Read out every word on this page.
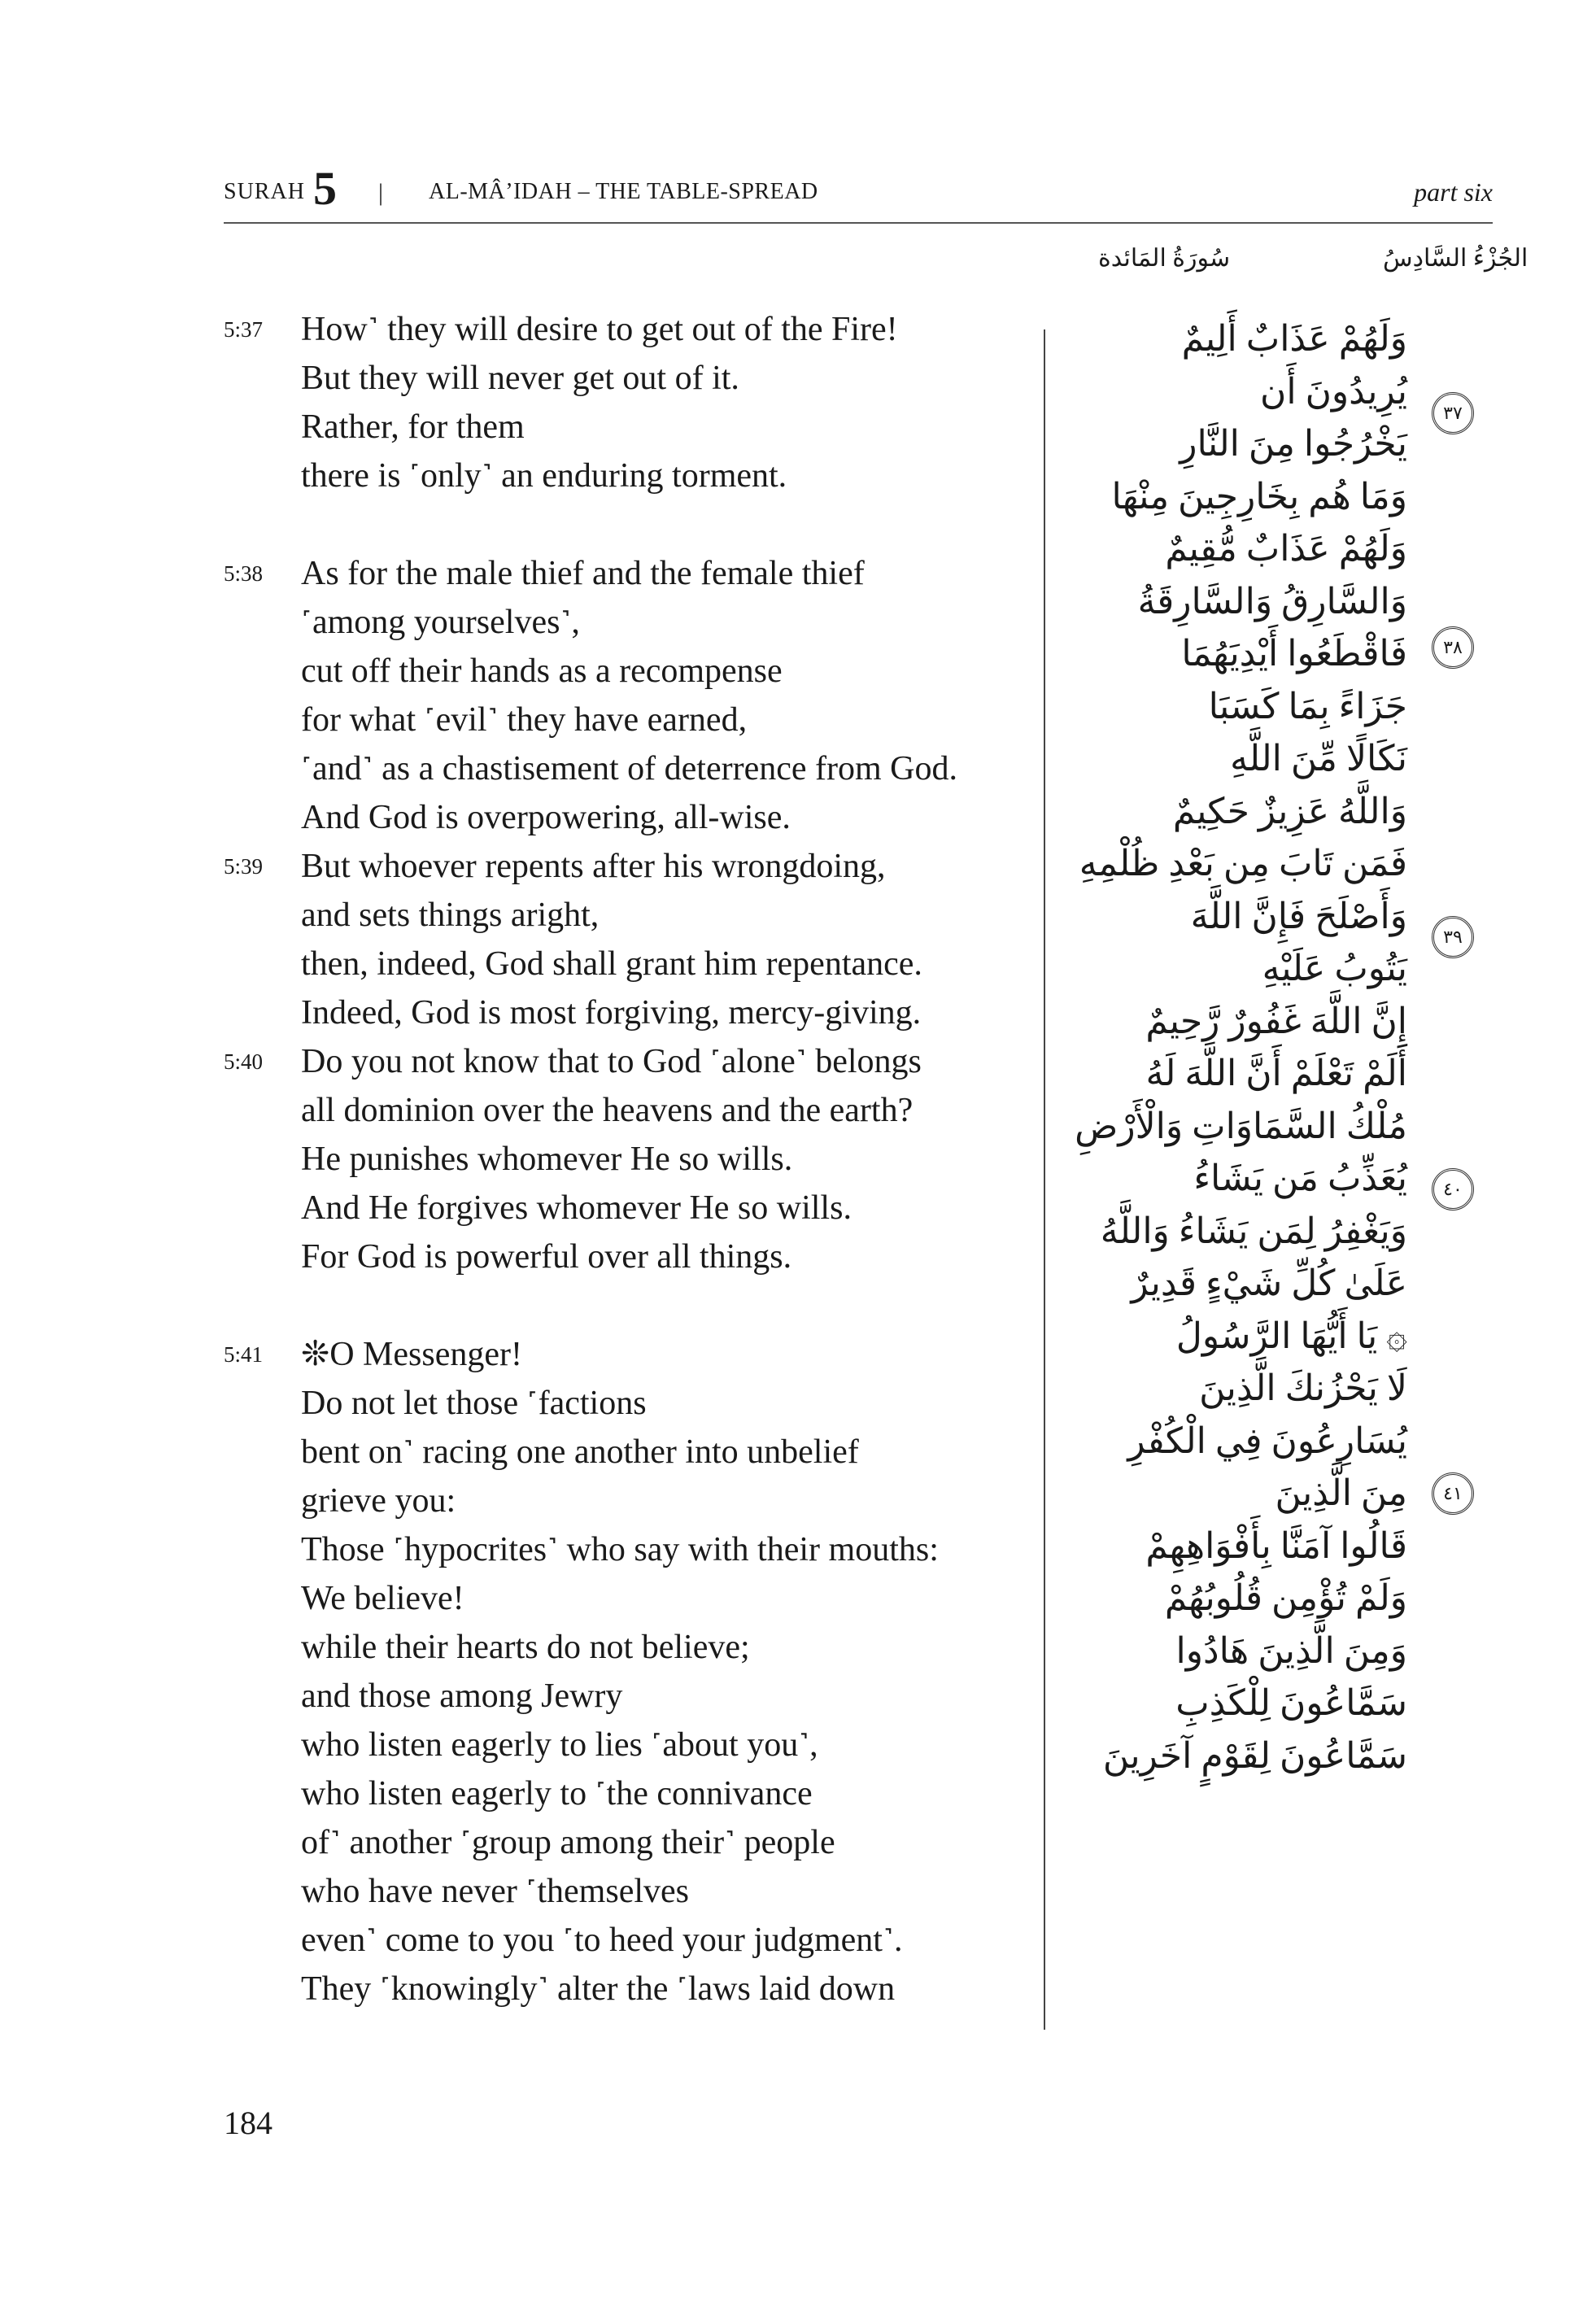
SURAH 5 | AL-MÂ’IDAH – THE TABLE-SPREAD	part six
سُورَةُ المَائدة	الجُزْءُ السَّادِسُ
5:37	How˺ they will desire to get out of the Fire!
But they will never get out of it.
Rather, for them
there is ˹only˺ an enduring torment.
5:38	As for the male thief and the female thief
˹among yourselves˺,
cut off their hands as a recompense
for what ˹evil˺ they have earned,
˹and˺ as a chastisement of deterrence from God.
And God is overpowering, all-wise.
5:39	But whoever repents after his wrongdoing,
and sets things aright,
then, indeed, God shall grant him repentance.
Indeed, God is most forgiving, mercy-giving.
5:40	Do you not know that to God ˹alone˺ belongs
all dominion over the heavens and the earth?
He punishes whomever He so wills.
And He forgives whomever He so wills.
For God is powerful over all things.
5:41	❊O Messenger!
Do not let those ˹factions
bent on˺ racing one another into unbelief
grieve you:
Those ˹hypocrites˺ who say with their mouths:
We believe!
while their hearts do not believe;
and those among Jewry
who listen eagerly to lies ˹about you˺,
who listen eagerly to ˹the connivance
of˺ another ˹group among their˺ people
who have never ˹themselves
even˺ come to you ˹to heed your judgment˺.
They ˹knowingly˺ alter the ˹laws laid down
وَلَهُمْ عَذَابٌ أَلِيمٌ
يُرِيدُونَ أَن
يَخْرُجُوا مِنَ النَّارِ
وَمَا هُم بِخَارِجِينَ مِنْهَا
وَلَهُمْ عَذَابٌ مُّقِيمٌ
وَالسَّارِقُ وَالسَّارِقَةُ
فَاقْطَعُوا أَيْدِيَهُمَا
جَزَاءً بِمَا كَسَبَا
نَكَالًا مِّنَ اللَّهِ
وَاللَّهُ عَزِيزٌ حَكِيمٌ
فَمَن تَابَ مِن بَعْدِ ظُلْمِهِ
وَأَصْلَحَ فَإِنَّ اللَّهَ
يَتُوبُ عَلَيْهِ
إِنَّ اللَّهَ غَفُورٌ رَّحِيمٌ
أَلَمْ تَعْلَمْ أَنَّ اللَّهَ لَهُ
مُلْكُ السَّمَاوَاتِ وَالْأَرْضِ
يُعَذِّبُ مَن يَشَاءُ
وَيَغْفِرُ لِمَن يَشَاءُ وَاللَّهُ
عَلَىٰ كُلِّ شَيْءٍ قَدِيرٌ
۞ يَا أَيُّهَا الرَّسُولُ
لَا يَحْزُنكَ الَّذِينَ
يُسَارِعُونَ فِي الْكُفْرِ
مِنَ الَّذِينَ
قَالُوا آمَنَّا بِأَفْوَاهِهِمْ
وَلَمْ تُؤْمِن قُلُوبُهُمْ
وَمِنَ الَّذِينَ هَادُوا
سَمَّاعُونَ لِلْكَذِبِ
سَمَّاعُونَ لِقَوْمٍ آخَرِينَ
٣٧
٣٨
٣٩
٤٠
٤١
184
